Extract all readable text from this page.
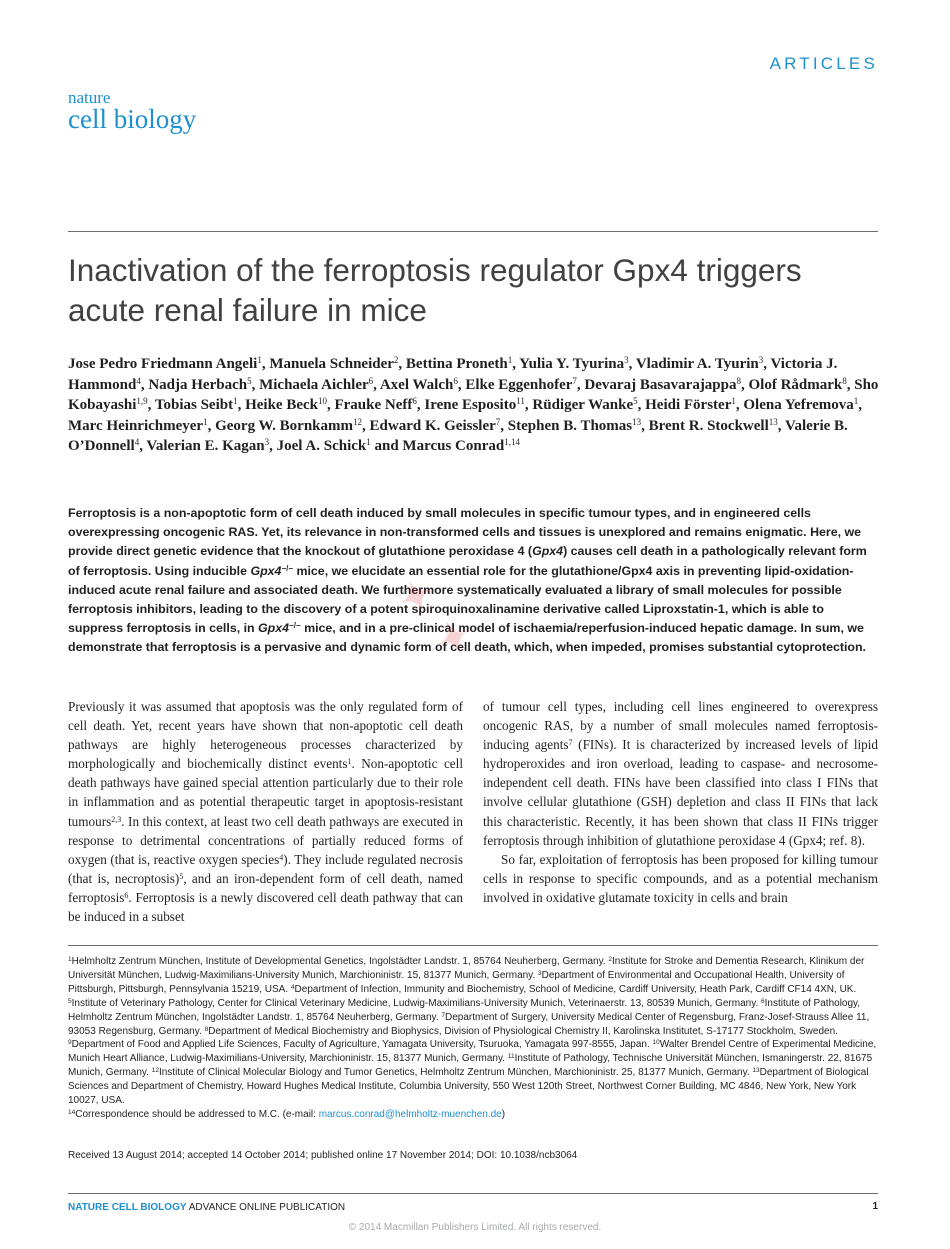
ARTICLES
nature
cell biology
Inactivation of the ferroptosis regulator Gpx4 triggers acute renal failure in mice
Jose Pedro Friedmann Angeli$^1$, Manuela Schneider$^2$, Bettina Proneth$^1$, Yulia Y. Tyurina$^3$, Vladimir A. Tyurin$^3$, Victoria J. Hammond$^4$, Nadja Herbach$^5$, Michaela Aichler$^6$, Axel Walch$^6$, Elke Eggenhofer$^7$, Devaraj Basavarajappa$^8$, Olof Rådmark$^8$, Sho Kobayashi$^{1,9}$, Tobias Seibt$^1$, Heike Beck$^{10}$, Frauke Neff$^6$, Irene Esposito$^{11}$, Rüdiger Wanke$^5$, Heidi Förster$^1$, Olena Yefremova$^1$, Marc Heinrichmeyer$^1$, Georg W. Bornkamm$^{12}$, Edward K. Geissler$^7$, Stephen B. Thomas$^{13}$, Brent R. Stockwell$^{13}$, Valerie B. O’Donnell$^4$, Valerian E. Kagan$^3$, Joel A. Schick$^1$ and Marcus Conrad$^{1,14}$
Ferroptosis is a non-apoptotic form of cell death induced by small molecules in specific tumour types, and in engineered cells overexpressing oncogenic RAS. Yet, its relevance in non-transformed cells and tissues is unexplored and remains enigmatic. Here, we provide direct genetic evidence that the knockout of glutathione peroxidase 4 (Gpx4) causes cell death in a pathologically relevant form of ferroptosis. Using inducible Gpx4−/− mice, we elucidate an essential role for the glutathione/Gpx4 axis in preventing lipid-oxidation-induced acute renal failure and associated death. We furthermore systematically evaluated a library of small molecules for possible ferroptosis inhibitors, leading to the discovery of a potent spiroquinoxalinamine derivative called Liproxstatin-1, which is able to suppress ferroptosis in cells, in Gpx4−/− mice, and in a pre-clinical model of ischaemia/reperfusion-induced hepatic damage. In sum, we demonstrate that ferroptosis is a pervasive and dynamic form of cell death, which, when impeded, promises substantial cytoprotection.
✦
✦

Previously it was assumed that apoptosis was the only regulated form of cell death. Yet, recent years have shown that non-apoptotic cell death pathways are highly heterogeneous processes characterized by morphologically and biochemically distinct events$^1$. Non-apoptotic cell death pathways have gained special attention particularly due to their role in inflammation and as potential therapeutic target in apoptosis-resistant tumours$^{2,3}$. In this context, at least two cell death pathways are executed in response to detrimental concentrations of partially reduced forms of oxygen (that is, reactive oxygen species$^4$). They include regulated necrosis (that is, necroptosis)$^5$, and an iron-dependent form of cell death, named ferroptosis$^6$. Ferroptosis is a newly discovered cell death pathway that can be induced in a subset

of tumour cell types, including cell lines engineered to overexpress oncogenic RAS, by a number of small molecules named ferroptosis-inducing agents$^7$ (FINs). It is characterized by increased levels of lipid hydroperoxides and iron overload, leading to caspase- and necrosome-independent cell death. FINs have been classified into class I FINs that involve cellular glutathione (GSH) depletion and class II FINs that lack this characteristic. Recently, it has been shown that class II FINs trigger ferroptosis through inhibition of glutathione peroxidase 4 (Gpx4; ref. 8).

So far, exploitation of ferroptosis has been proposed for killing tumour cells in response to specific compounds, and as a potential mechanism involved in oxidative glutamate toxicity in cells and brain

$^1$Helmholtz Zentrum München, Institute of Developmental Genetics, Ingolstädter Landstr. 1, 85764 Neuherberg, Germany. $^2$Institute for Stroke and Dementia Research, Klinikum der Universität München, Ludwig-Maximilians-University Munich, Marchioninistr. 15, 81377 Munich, Germany. $^3$Department of Environmental and Occupational Health, University of Pittsburgh, Pittsburgh, Pennsylvania 15219, USA. $^4$Department of Infection, Immunity and Biochemistry, School of Medicine, Cardiff University, Heath Park, Cardiff CF14 4XN, UK. $^5$Institute of Veterinary Pathology, Center for Clinical Veterinary Medicine, Ludwig-Maximilians-University Munich, Veterinaerstr. 13, 80539 Munich, Germany. $^6$Institute of Pathology, Helmholtz Zentrum München, Ingolstädter Landstr. 1, 85764 Neuherberg, Germany. $^7$Department of Surgery, University Medical Center of Regensburg, Franz-Josef-Strauss Allee 11, 93053 Regensburg, Germany. $^8$Department of Medical Biochemistry and Biophysics, Division of Physiological Chemistry II, Karolinska Institutet, S-17177 Stockholm, Sweden. $^9$Department of Food and Applied Life Sciences, Faculty of Agriculture, Yamagata University, Tsuruoka, Yamagata 997-8555, Japan. $^{10}$Walter Brendel Centre of Experimental Medicine, Munich Heart Alliance, Ludwig-Maximilians-University, Marchioninistr. 15, 81377 Munich, Germany. $^{11}$Institute of Pathology, Technische Universität München, Ismaningerstr. 22, 81675 Munich, Germany. $^{12}$Institute of Clinical Molecular Biology and Tumor Genetics, Helmholtz Zentrum München, Marchioninistr. 25, 81377 Munich, Germany. $^{13}$Department of Biological Sciences and Department of Chemistry, Howard Hughes Medical Institute, Columbia University, 550 West 120th Street, Northwest Corner Building, MC 4846, New York, New York 10027, USA.
$^{14}$Correspondence should be addressed to M.C. (e-mail: marcus.conrad@helmholtz-muenchen.de)
Received 13 August 2014; accepted 14 October 2014; published online 17 November 2014; DOI: 10.1038/ncb3064
NATURE CELL BIOLOGY ADVANCE ONLINE PUBLICATION	1
© 2014 Macmillan Publishers Limited. All rights reserved.
